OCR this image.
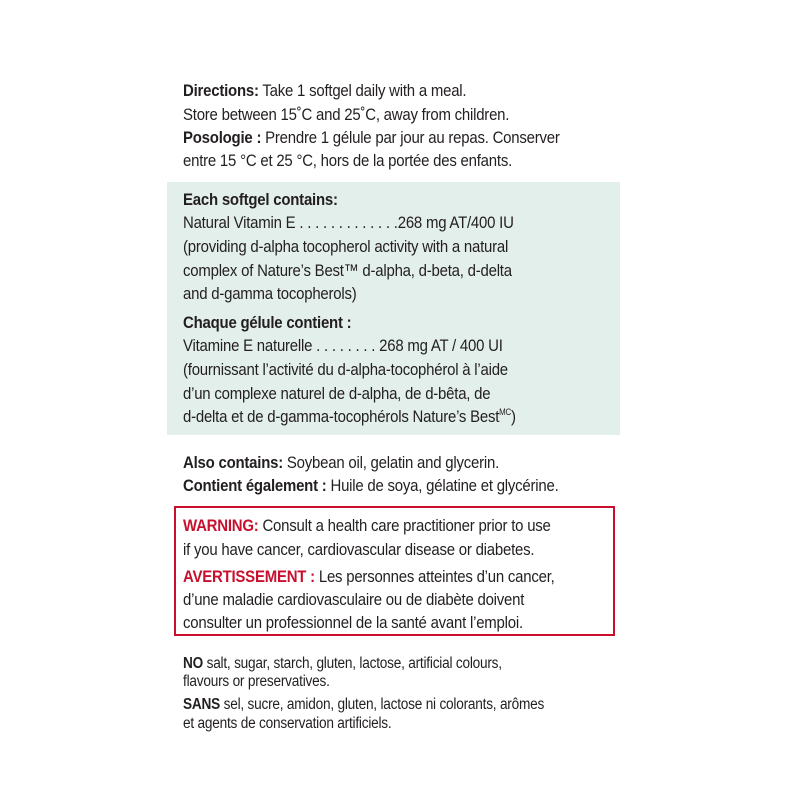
Directions: Take 1 softgel daily with a meal.
Store between 15˚C and 25˚C, away from children.
Posologie : Prendre 1 gélule par jour au repas. Conserver
entre 15 °C et 25 °C, hors de la portée des enfants.
Each softgel contains:
Natural Vitamin E . . . . . . . . . . . . .268 mg AT/400 IU
(providing d-alpha tocopherol activity with a natural
complex of Nature’s Best™ d-alpha, d-beta, d-delta
and d-gamma tocopherols)
Chaque gélule contient :
Vitamine E naturelle . . . . . . . . 268 mg AT / 400 UI
(fournissant l’activité du d-alpha-tocophérol à l’aide
d’un complexe naturel de d-alpha, de d-bêta, de
d-delta et de d-gamma-tocophérols Nature’s Best$^{MC}$)
Also contains: Soybean oil, gelatin and glycerin.
Contient également : Huile de soya, gélatine et glycérine.
WARNING: Consult a health care practitioner prior to use
if you have cancer, cardiovascular disease or diabetes.
AVERTISSEMENT : Les personnes atteintes d’un cancer,
d’une maladie cardiovasculaire ou de diabète doivent
consulter un professionnel de la santé avant l’emploi.
NO salt, sugar, starch, gluten, lactose, artificial colours,
flavours or preservatives.
SANS sel, sucre, amidon, gluten, lactose ni colorants, arômes
et agents de conservation artificiels.
